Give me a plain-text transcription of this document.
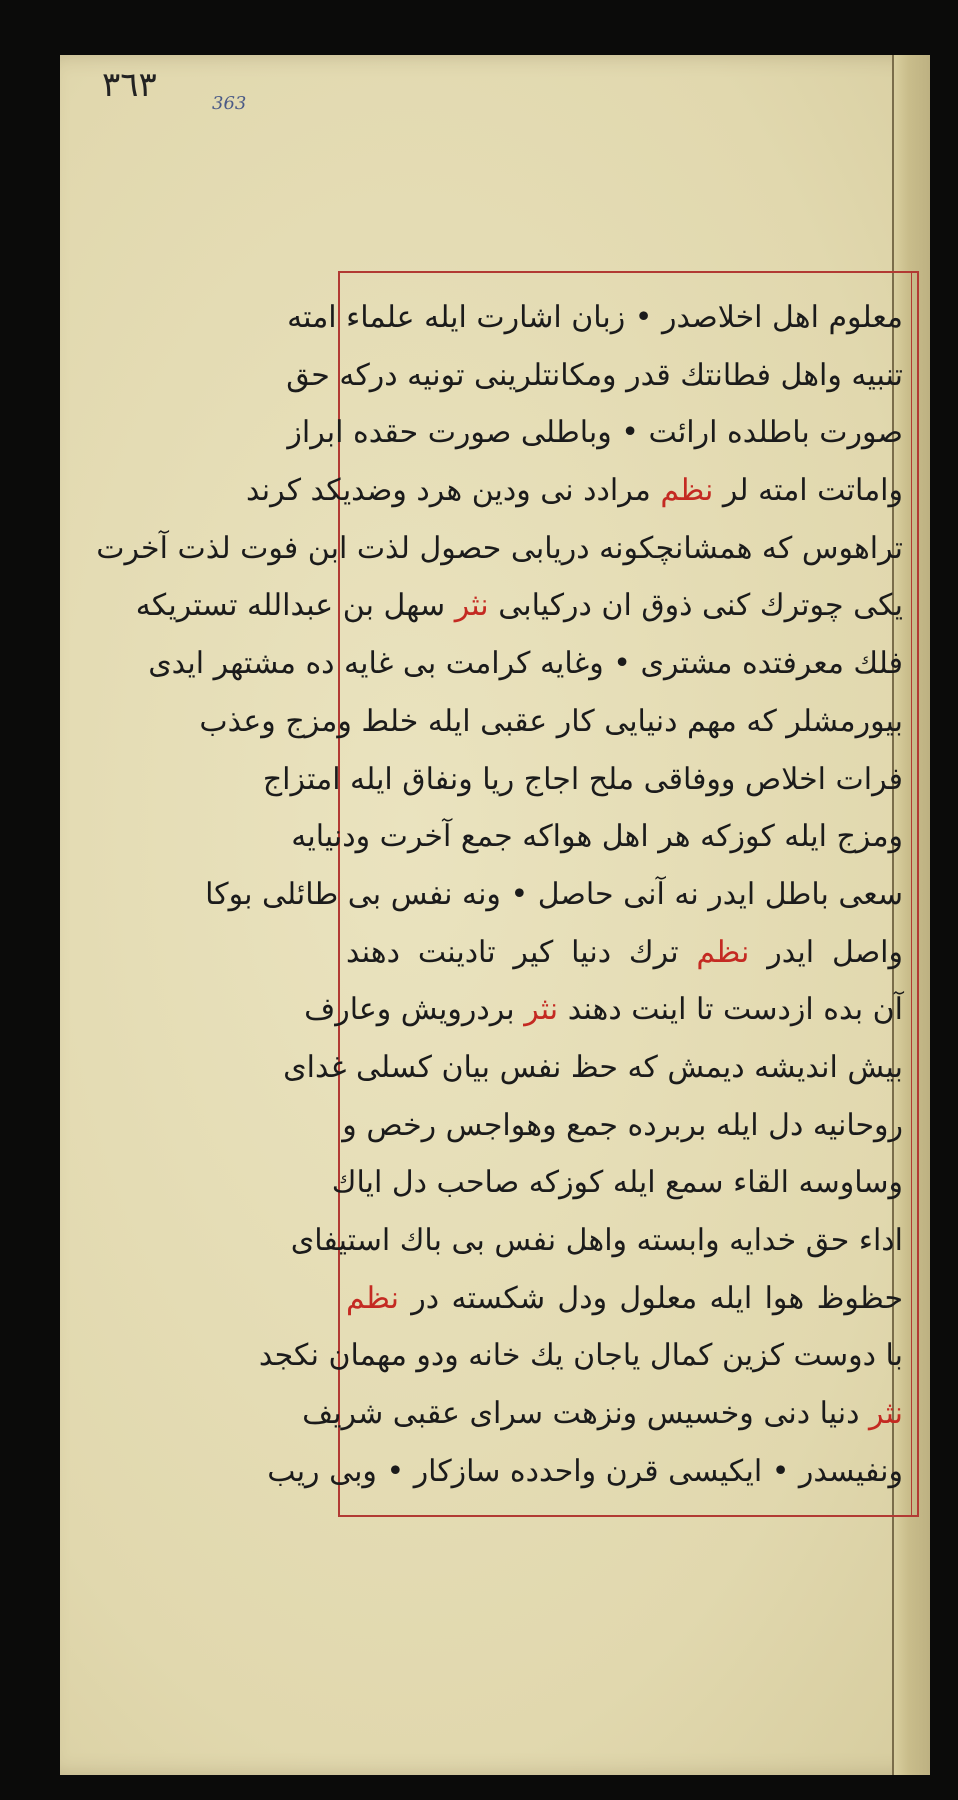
٣٦٣	363
معلوم اهل اخلاصدر • زبان اشارت ایله علماء امته
تنبیه واهل فطانتك قدر ومکانتلرینی تونیه درکه حق
صورت باطلده ارائت • وباطلی صورت حقده ابراز
واماتت امته لر نظم مرادد نی ودین هرد وضدیکد کرند
تراهوس که همشانچکونه دریابی حصول لذت ابن فوت لذت آخرت
یکی چوترك کنی ذوق ان درکیابی نثر سهل بن عبدالله تستریکه
فلك معرفتده مشتری • وغایه کرامت بی غایه ده مشتهر ایدی
بیورمشلر که مهم دنیایی کار عقبی ایله خلط ومزج وعذب
فرات اخلاص ووفاقی ملح اجاج ریا ونفاق ایله امتزاج
ومزج ایله کوزکه هر اهل هواکه جمع آخرت ودنیایه
سعی باطل ایدر نه آنی حاصل • ونه نفس بی طائلی بوکا
واصل ایدر نظم ترك دنیا کیر تادینت دهند
آن بده ازدست تا اینت دهند نثر بردرویش وعارف
بیش اندیشه دیمش که حظ نفس بیان کسلی غدای
روحانیه دل ایله بربرده جمع وهواجس رخص و
وساوسه القاء سمع ایله کوزکه صاحب دل ایاك
اداء حق خدایه وابسته واهل نفس بی باك استیفای
حظوظ هوا ایله معلول ودل شکسته در نظم
با دوست کزین کمال یاجان یك خانه ودو مهمان نکجد
نثر دنیا دنی وخسیس ونزهت سرای عقبی شریف
ونفیسدر • ایکیسی قرن واحدده سازکار • وبی ریب
